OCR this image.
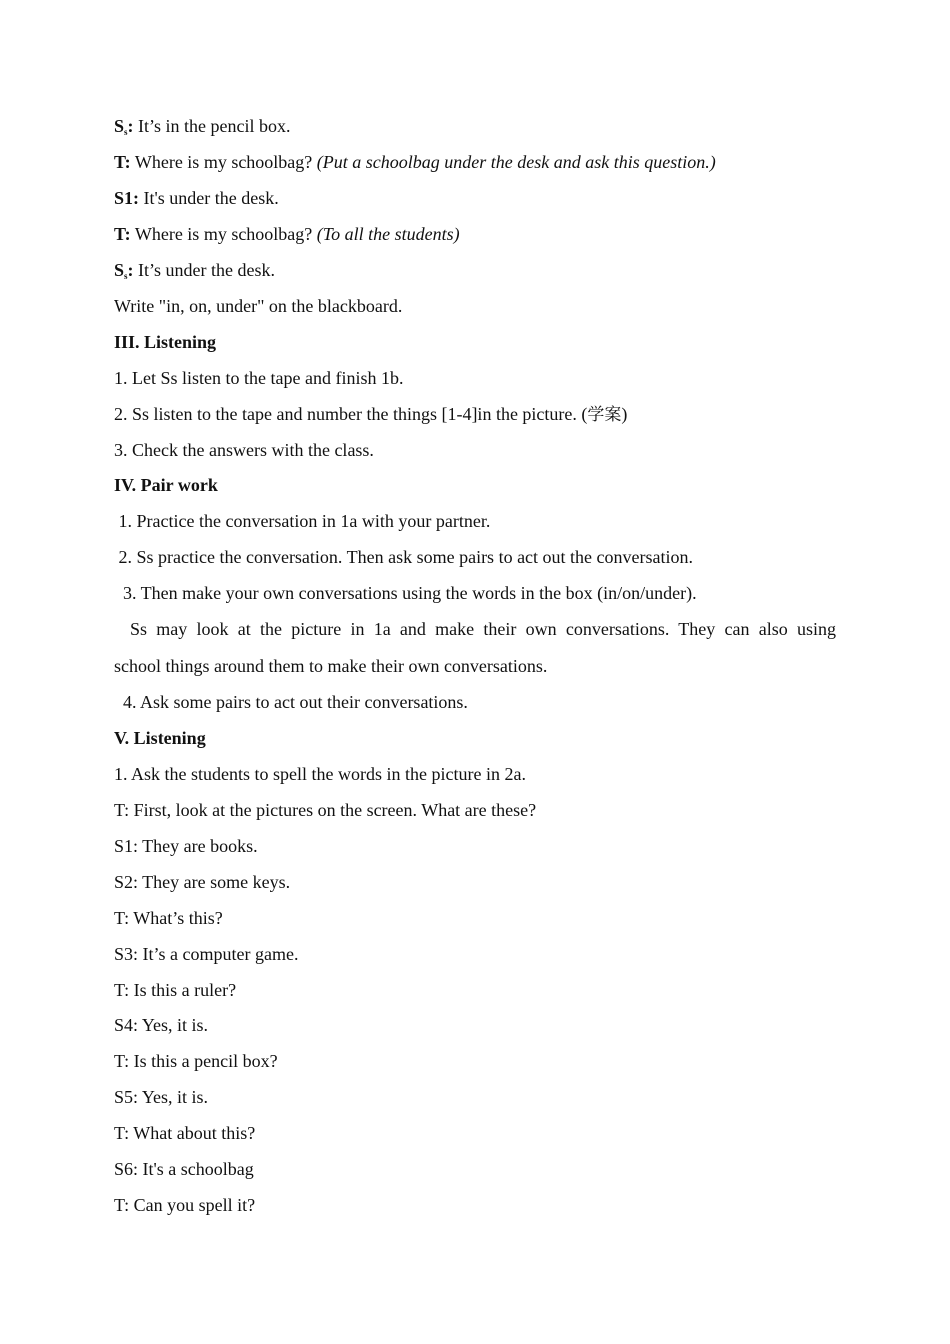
$S_s$: It’s in the pencil box.
T: Where is my schoolbag? (Put a schoolbag under the desk and ask this question.)
S1: It's under the desk.
T: Where is my schoolbag? (To all the students)
$S_s$: It’s under the desk.
Write "in, on, under" on the blackboard.
III. Listening
1. Let Ss listen to the tape and finish 1b.
2. Ss listen to the tape and number the things [1-4]in the picture. (学案)
3. Check the answers with the class.
IV. Pair work
1. Practice the conversation in 1a with your partner.
2. Ss practice the conversation. Then ask some pairs to act out the conversation.
3. Then make your own conversations using the words in the box (in/on/under).
Ss may look at the picture in 1a and make their own conversations. They can also using
school things around them to make their own conversations.
4. Ask some pairs to act out their conversations.
V. Listening
1. Ask the students to spell the words in the picture in 2a.
T: First, look at the pictures on the screen. What are these?
S1: They are books.
S2: They are some keys.
T: What’s this?
S3: It’s a computer game.
T: Is this a ruler?
S4: Yes, it is.
T: Is this a pencil box?
S5: Yes, it is.
T: What about this?
S6: It's a schoolbag
T: Can you spell it?
